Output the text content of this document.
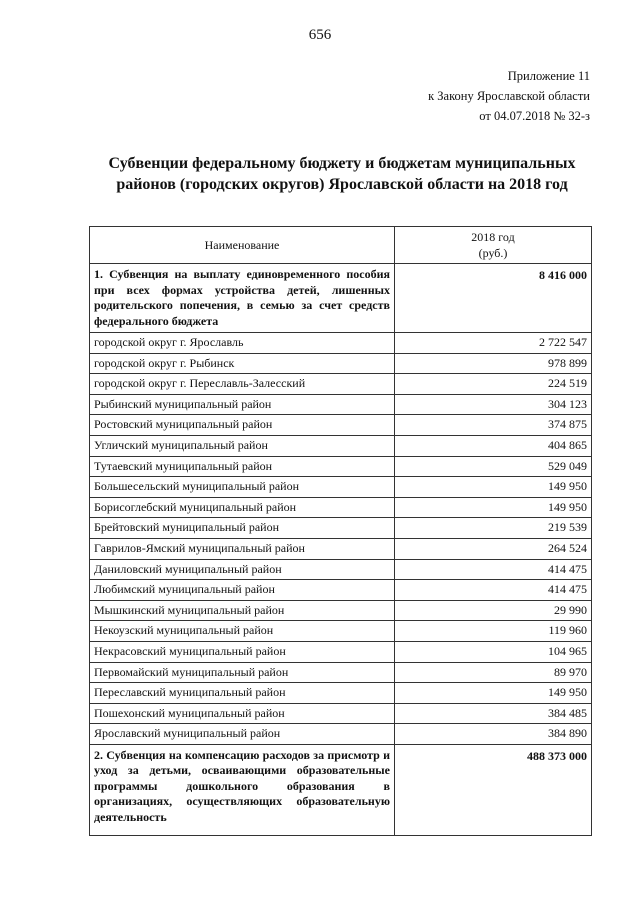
656
Приложение 11
к Закону Ярославской области
от 04.07.2018 № 32-з
Субвенции федеральному бюджету и бюджетам муниципальных районов (городских округов) Ярославской области на 2018 год
Наименование	2018 год
(руб.)

1. Субвенция на выплату единовременного пособия при всех формах устройства детей, лишенных родительского попечения, в семью за счет средств федерального бюджета	8 416 000
городской округ г. Ярославль	2 722 547
городской округ г. Рыбинск	978 899
городской округ г. Переславль-Залесский	224 519
Рыбинский муниципальный район	304 123
Ростовский муниципальный район	374 875
Угличский муниципальный район	404 865
Тутаевский муниципальный район	529 049
Большесельский муниципальный район	149 950
Борисоглебский муниципальный район	149 950
Брейтовский муниципальный район	219 539
Гаврилов-Ямский муниципальный район	264 524
Даниловский муниципальный район	414 475
Любимский муниципальный район	414 475
Мышкинский муниципальный район	29 990
Некоузский муниципальный район	119 960
Некрасовский муниципальный район	104 965
Первомайский муниципальный район	89 970
Переславский муниципальный район	149 950
Пошехонский муниципальный район	384 485
Ярославский муниципальный район	384 890
2. Субвенция на компенсацию расходов за присмотр и уход за детьми, осваивающими образовательные программы дошкольного образования в организациях, осуществляющих образовательную деятельность	488 373 000
